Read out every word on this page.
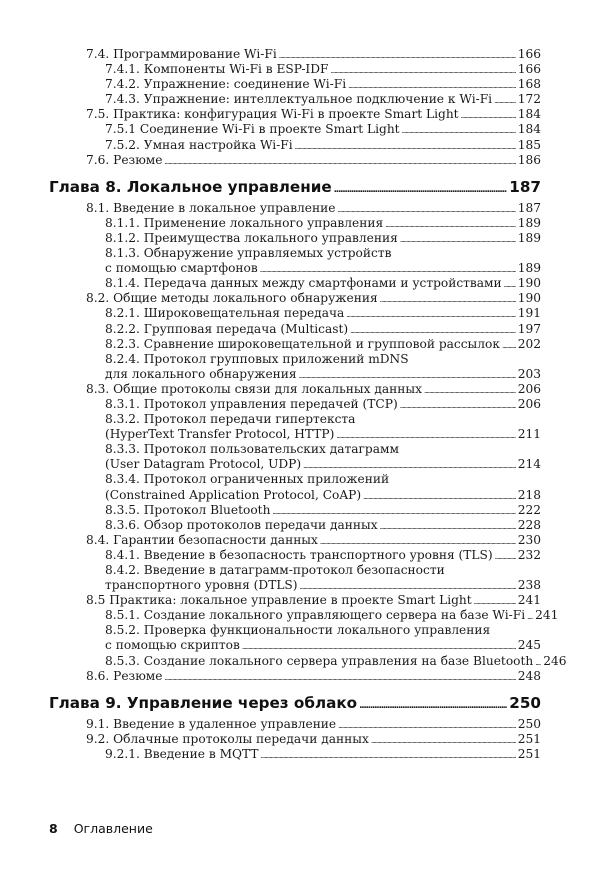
7.4. Программирование Wi-Fi . . .	166
7.4.1. Компоненты Wi-Fi в ESP-IDF . . .	166
7.4.2. Упражнение: соединение Wi-Fi . . .	168
7.4.3. Упражнение: интеллектуальное подключение к Wi-Fi . . . 172
7.5. Практика: конфигурация Wi-Fi в проекте Smart Light . . .	184
7.5.1 Соединение Wi-Fi в проекте Smart Light . . .	184
7.5.2. Умная настройка Wi-Fi . . .	185
7.6. Резюме . . .	186
Глава 8. Локальное управление . . .	187
8.1. Введение в локальное управление . . .	187
8.1.1. Применение локального управления . . .	189
8.1.2. Преимущества локального управления . . .	189
8.1.3. Обнаружение управляемых устройств
с помощью смартфонов . . .	189
8.1.4. Передача данных между смартфонами и устройствами . . . 190
8.2. Общие методы локального обнаружения . . .	190
8.2.1. Широковещательная передача . . .	191
8.2.2. Групповая передача (Multicast) . . .	197
8.2.3. Сравнение широковещательной и групповой рассылок . . . 202
8.2.4. Протокол групповых приложений mDNS
для локального обнаружения . . .	203
8.3. Общие протоколы связи для локальных данных . . .	206
8.3.1. Протокол управления передачей (TCP) . . .	206
8.3.2. Протокол передачи гипертекста
(HyperText Transfer Protocol, HTTP) . . .	211
8.3.3. Протокол пользовательских датаграмм
(User Datagram Protocol, UDP) . . .	214
8.3.4. Протокол ограниченных приложений
(Constrained Application Protocol, CoAP) . . .	218
8.3.5. Протокол Bluetooth . . .	222
8.3.6. Обзор протоколов передачи данных . . .	228
8.4. Гарантии безопасности данных . . .	230
8.4.1. Введение в безопасность транспортного уровня (TLS) . . . 232
8.4.2. Введение в датаграмм-протокол безопасности
транспортного уровня (DTLS) . . .	238
8.5 Практика: локальное управление в проекте Smart Light . . .	241
8.5.1. Создание локального управляющего сервера на базе Wi-Fi . . . 241
8.5.2. Проверка функциональности локального управления
с помощью скриптов . . .	245
8.5.3. Создание локального сервера управления на базе Bluetooth . . . 246
8.6. Резюме . . .	248
Глава 9. Управление через облако . . .	250
9.1. Введение в удаленное управление . . .	250
9.2. Облачные протоколы передачи данных . . .	251
9.2.1. Введение в MQTT . . .	251
8 Оглавление
